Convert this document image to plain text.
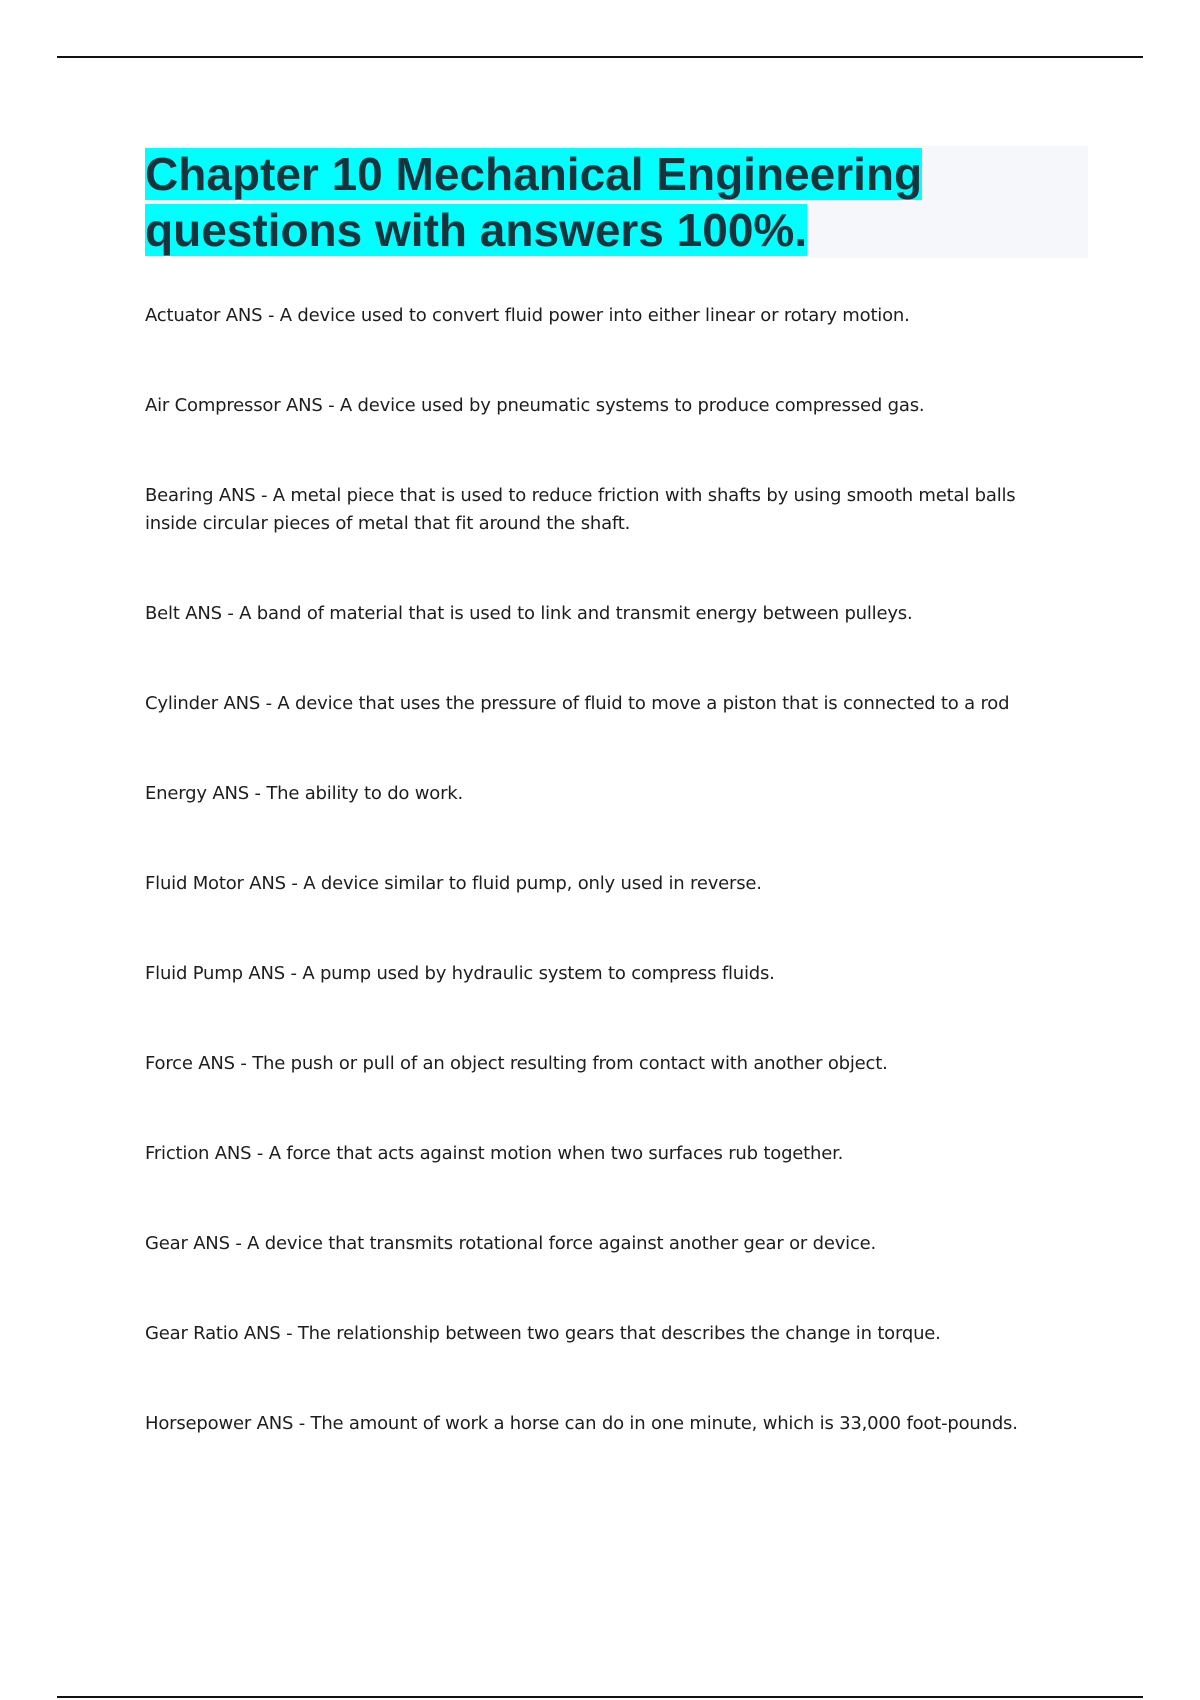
Chapter 10 Mechanical Engineering questions with answers 100%.

Actuator ANS - A device used to convert fluid power into either linear or rotary motion.

Air Compressor ANS - A device used by pneumatic systems to produce compressed gas.

Bearing ANS - A metal piece that is used to reduce friction with shafts by using smooth metal balls inside circular pieces of metal that fit around the shaft.

Belt ANS - A band of material that is used to link and transmit energy between pulleys.

Cylinder ANS - A device that uses the pressure of fluid to move a piston that is connected to a rod

Energy ANS - The ability to do work.

Fluid Motor ANS - A device similar to fluid pump, only used in reverse.

Fluid Pump ANS - A pump used by hydraulic system to compress fluids.

Force ANS - The push or pull of an object resulting from contact with another object.

Friction ANS - A force that acts against motion when two surfaces rub together.

Gear ANS - A device that transmits rotational force against another gear or device.

Gear Ratio ANS - The relationship between two gears that describes the change in torque.

Horsepower ANS - The amount of work a horse can do in one minute, which is 33,000 foot-pounds.
